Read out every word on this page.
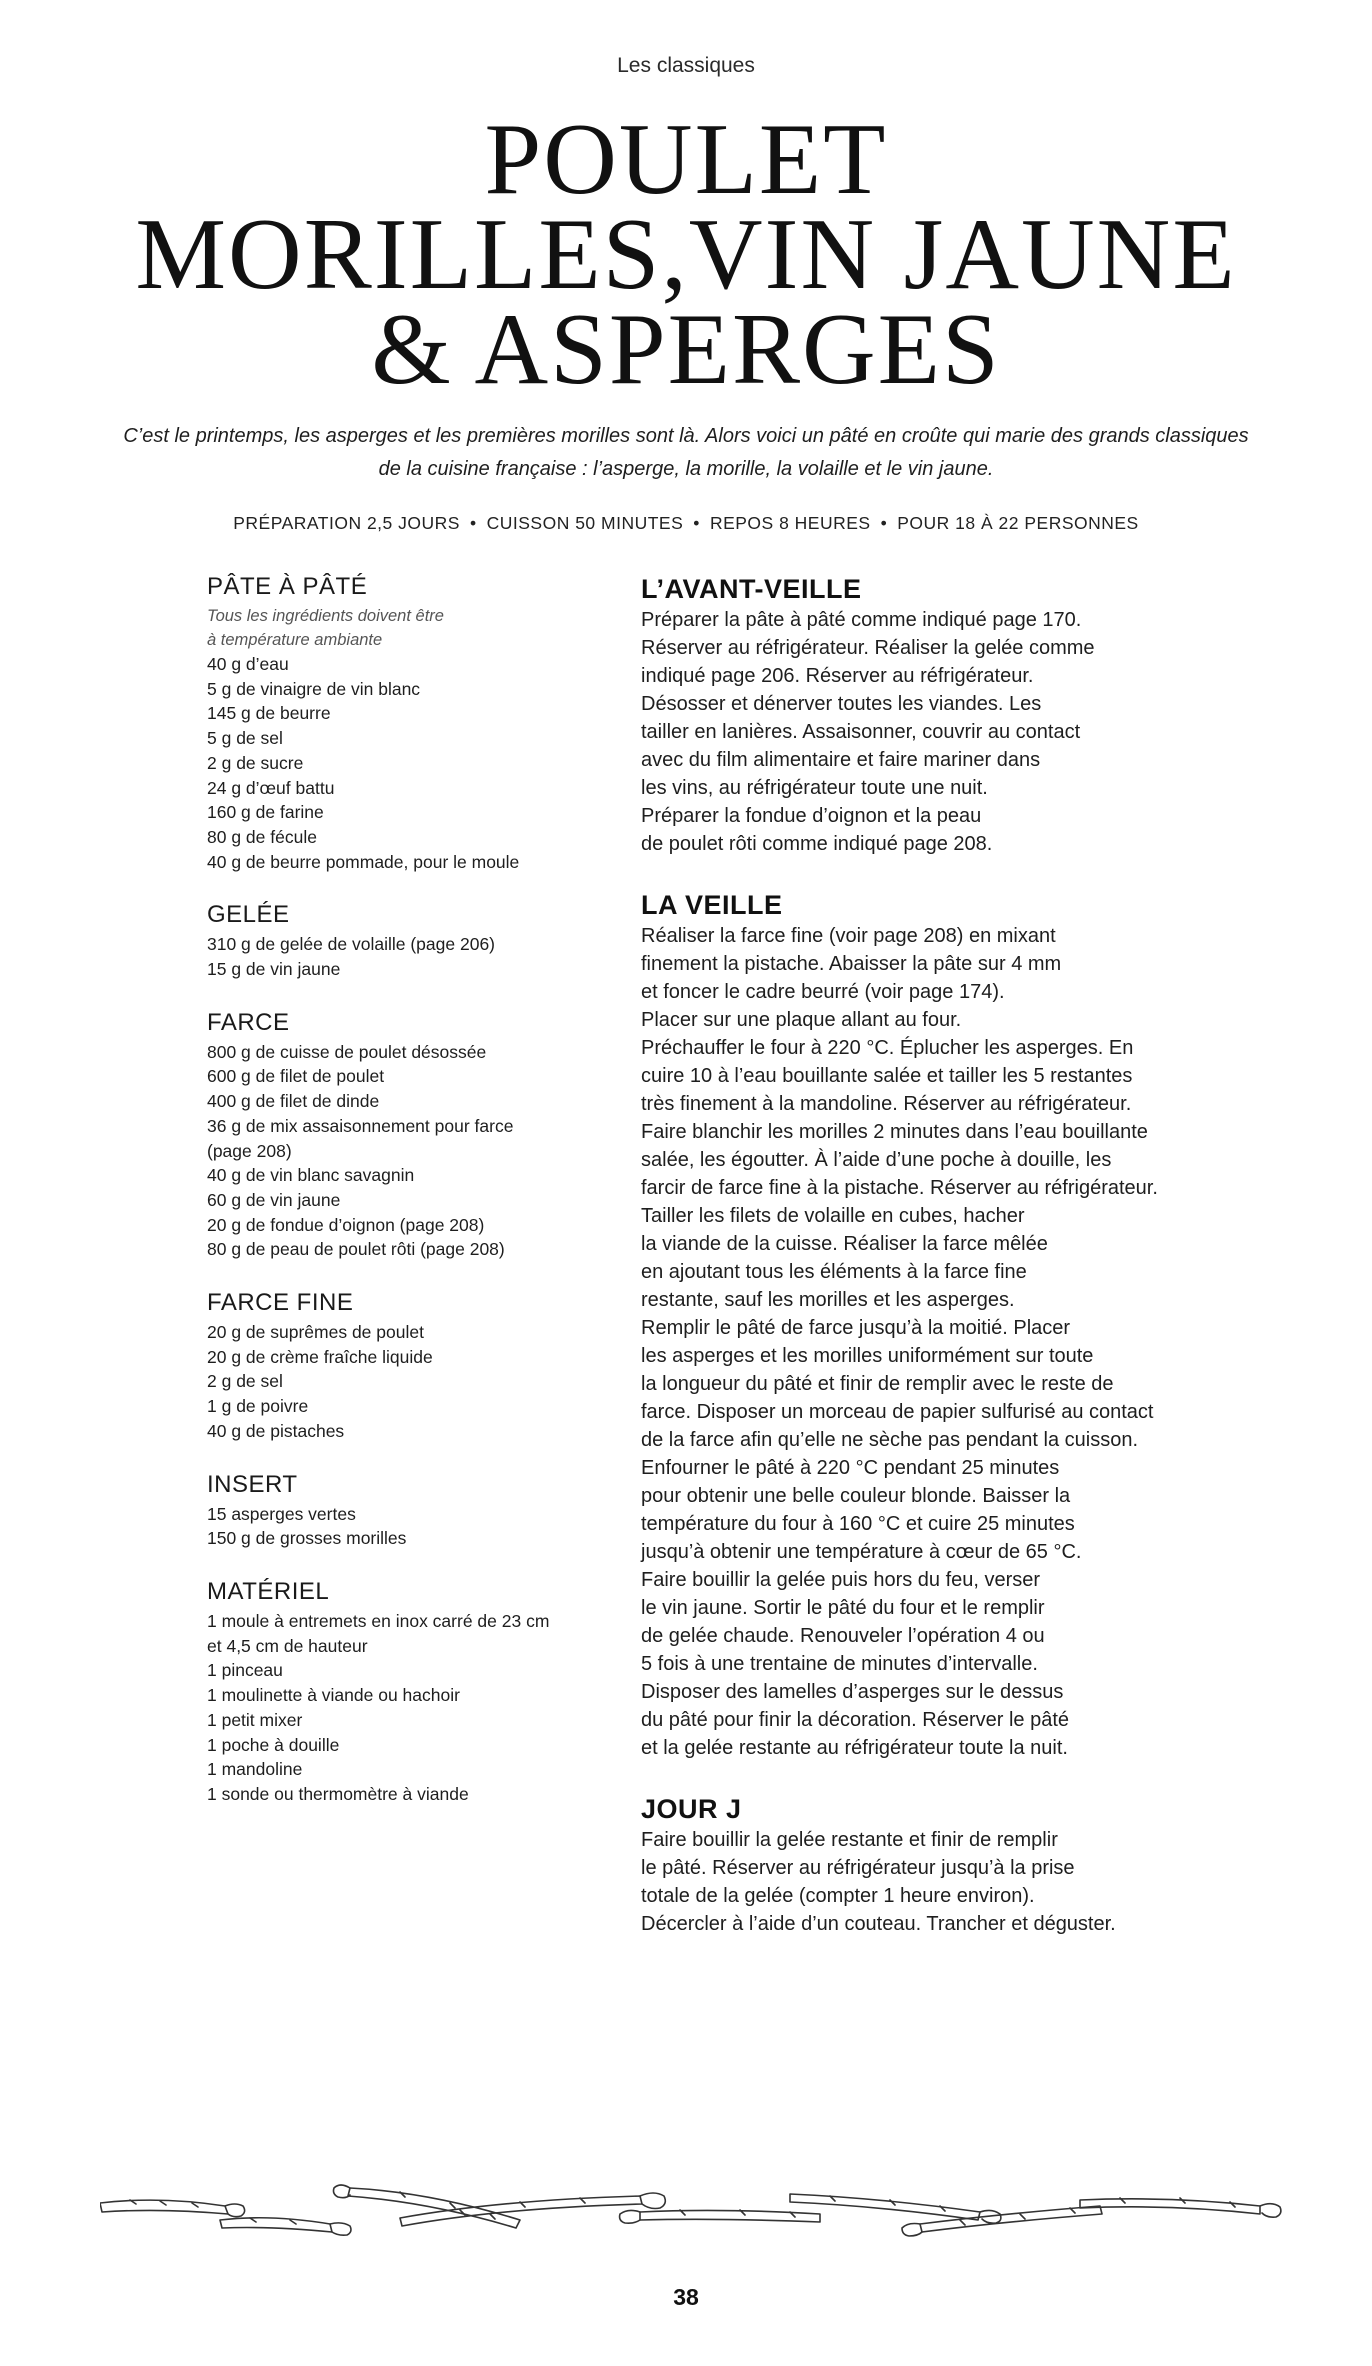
Les classiques
POULET
MORILLES,VIN JAUNE
& ASPERGES
C’est le printemps, les asperges et les premières morilles sont là. Alors voici un pâté en croûte qui marie des grands classiques
de la cuisine française : l’asperge, la morille, la volaille et le vin jaune.
PRÉPARATION 2,5 JOURS • CUISSON 50 MINUTES • REPOS 8 HEURES • POUR 18 À 22 PERSONNES
PÂTE À PÂTÉ
Tous les ingrédients doivent être
à température ambiante
40 g d’eau
5 g de vinaigre de vin blanc
145 g de beurre
5 g de sel
2 g de sucre
24 g d’œuf battu
160 g de farine
80 g de fécule
40 g de beurre pommade, pour le moule
GELÉE
310 g de gelée de volaille (page 206)
15 g de vin jaune
FARCE
800 g de cuisse de poulet désossée
600 g de filet de poulet
400 g de filet de dinde
36 g de mix assaisonnement pour farce
(page 208)
40 g de vin blanc savagnin
60 g de vin jaune
20 g de fondue d’oignon (page 208)
80 g de peau de poulet rôti (page 208)
FARCE FINE
20 g de suprêmes de poulet
20 g de crème fraîche liquide
2 g de sel
1 g de poivre
40 g de pistaches
INSERT
15 asperges vertes
150 g de grosses morilles
MATÉRIEL
1 moule à entremets en inox carré de 23 cm
et 4,5 cm de hauteur
1 pinceau
1 moulinette à viande ou hachoir
1 petit mixer
1 poche à douille
1 mandoline
1 sonde ou thermomètre à viande
L’AVANT-VEILLE
Préparer la pâte à pâté comme indiqué page 170.
Réserver au réfrigérateur. Réaliser la gelée comme
indiqué page 206. Réserver au réfrigérateur.
Désosser et dénerver toutes les viandes. Les
tailler en lanières. Assaisonner, couvrir au contact
avec du film alimentaire et faire mariner dans
les vins, au réfrigérateur toute une nuit.
Préparer la fondue d’oignon et la peau
de poulet rôti comme indiqué page 208.
LA VEILLE
Réaliser la farce fine (voir page 208) en mixant
finement la pistache. Abaisser la pâte sur 4 mm
et foncer le cadre beurré (voir page 174).
Placer sur une plaque allant au four.
Préchauffer le four à 220 °C. Éplucher les asperges. En
cuire 10 à l’eau bouillante salée et tailler les 5 restantes
très finement à la mandoline. Réserver au réfrigérateur.
Faire blanchir les morilles 2 minutes dans l’eau bouillante
salée, les égoutter. À l’aide d’une poche à douille, les
farcir de farce fine à la pistache. Réserver au réfrigérateur.
Tailler les filets de volaille en cubes, hacher
la viande de la cuisse. Réaliser la farce mêlée
en ajoutant tous les éléments à la farce fine
restante, sauf les morilles et les asperges.
Remplir le pâté de farce jusqu’à la moitié. Placer
les asperges et les morilles uniformément sur toute
la longueur du pâté et finir de remplir avec le reste de
farce. Disposer un morceau de papier sulfurisé au contact
de la farce afin qu’elle ne sèche pas pendant la cuisson.
Enfourner le pâté à 220 °C pendant 25 minutes
pour obtenir une belle couleur blonde. Baisser la
température du four à 160 °C et cuire 25 minutes
jusqu’à obtenir une température à cœur de 65 °C.
Faire bouillir la gelée puis hors du feu, verser
le vin jaune. Sortir le pâté du four et le remplir
de gelée chaude. Renouveler l’opération 4 ou
5 fois à une trentaine de minutes d’intervalle.
Disposer des lamelles d’asperges sur le dessus
du pâté pour finir la décoration. Réserver le pâté
et la gelée restante au réfrigérateur toute la nuit.
JOUR J
Faire bouillir la gelée restante et finir de remplir
le pâté. Réserver au réfrigérateur jusqu’à la prise
totale de la gelée (compter 1 heure environ).
Décercler à l’aide d’un couteau. Trancher et déguster.
38
